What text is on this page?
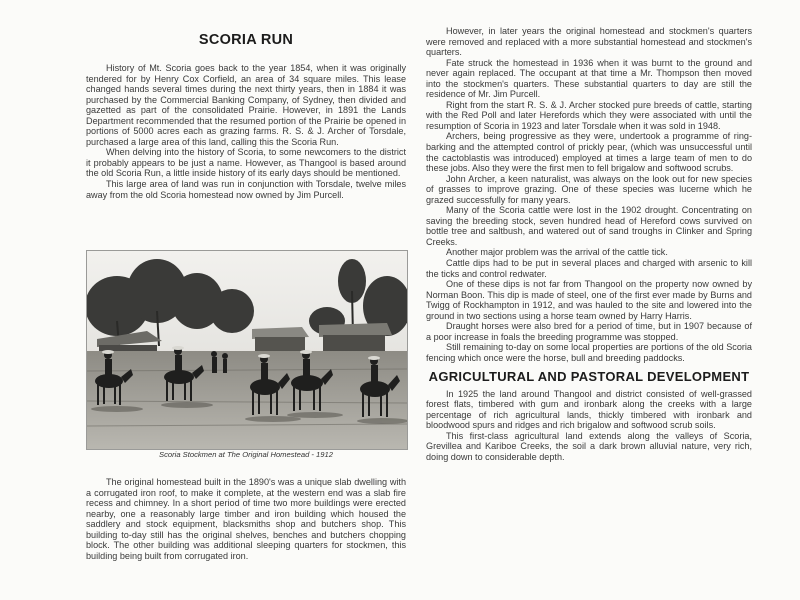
SCORIA RUN

History of Mt. Scoria goes back to the year 1854, when it was originally tendered for by Henry Cox Corfield, an area of 34 square miles. This lease changed hands several times during the next thirty years, then in 1884 it was purchased by the Commercial Banking Company, of Sydney, then divided and gazetted as part of the consolidated Prairie. However, in 1891 the Lands Department recommended that the resumed portion of the Prairie be opened in portions of 5000 acres each as grazing farms. R. S. & J. Archer of Torsdale, purchased a large area of this land, calling this the Scoria Run.

When delving into the history of Scoria, to some newcomers to the district it probably appears to be just a name. However, as Thangool is based around the old Scoria Run, a little inside history of its early days should be mentioned.

This large area of land was run in conjunction with Torsdale, twelve miles away from the old Scoria homestead now owned by Jim Purcell.

Scoria Stockmen at The Original Homestead - 1912

The original homestead built in the 1890's was a unique slab dwelling with a corrugated iron roof, to make it complete, at the western end was a slab fire recess and chimney. In a short period of time two more buildings were erected nearby, one a reasonably large timber and iron building which housed the saddlery and stock equipment, blacksmiths shop and butchers shop. This building to-day still has the original shelves, benches and butchers chopping block. The other building was additional sleeping quarters for stockmen, this building being built from corrugated iron.

However, in later years the original homestead and stockmen's quarters were removed and replaced with a more substantial homestead and stockmen's quarters.

Fate struck the homestead in 1936 when it was burnt to the ground and never again replaced. The occupant at that time a Mr. Thompson then moved into the stockmen's quarters. These substantial quarters to day are still the residence of Mr. Jim Purcell.

Right from the start R. S. & J. Archer stocked pure breeds of cattle, starting with the Red Poll and later Herefords which they were associated with until the resumption of Scoria in 1923 and later Torsdale when it was sold in 1948.

Archers, being progressive as they were, undertook a programme of ring-barking and the attempted control of prickly pear, (which was unsuccessful until the cactoblastis was introduced) employed at times a large team of men to do these jobs. Also they were the first men to fell brigalow and softwood scrubs.

John Archer, a keen naturalist, was always on the look out for new species of grasses to improve grazing. One of these species was lucerne which he grazed successfully for many years.

Many of the Scoria cattle were lost in the 1902 drought. Concentrating on saving the breeding stock, seven hundred head of Hereford cows survived on bottle tree and saltbush, and watered out of sand troughs in Clinker and Spring Creeks.

Another major problem was the arrival of the cattle tick.

Cattle dips had to be put in several places and charged with arsenic to kill the ticks and control redwater.

One of these dips is not far from Thangool on the property now owned by Norman Boon. This dip is made of steel, one of the first ever made by Burns and Twigg of Rockhampton in 1912, and was hauled to the site and lowered into the ground in two sections using a horse team owned by Harry Harris.

Draught horses were also bred for a period of time, but in 1907 because of a poor increase in foals the breeding programme was stopped.

Still remaining to-day on some local properties are portions of the old Scoria fencing which once were the horse, bull and breeding paddocks.

AGRICULTURAL AND PASTORAL DEVELOPMENT

In 1925 the land around Thangool and district consisted of well-grassed forest flats, timbered with gum and ironbark along the creeks with a large percentage of rich agricultural lands, thickly timbered with ironbark and bloodwood spurs and ridges and rich brigalow and softwood scrub soils.

This first-class agricultural land extends along the valleys of Scoria, Grevillea and Kariboe Creeks, the soil a dark brown alluvial nature, very rich, doing down to considerable depth.
